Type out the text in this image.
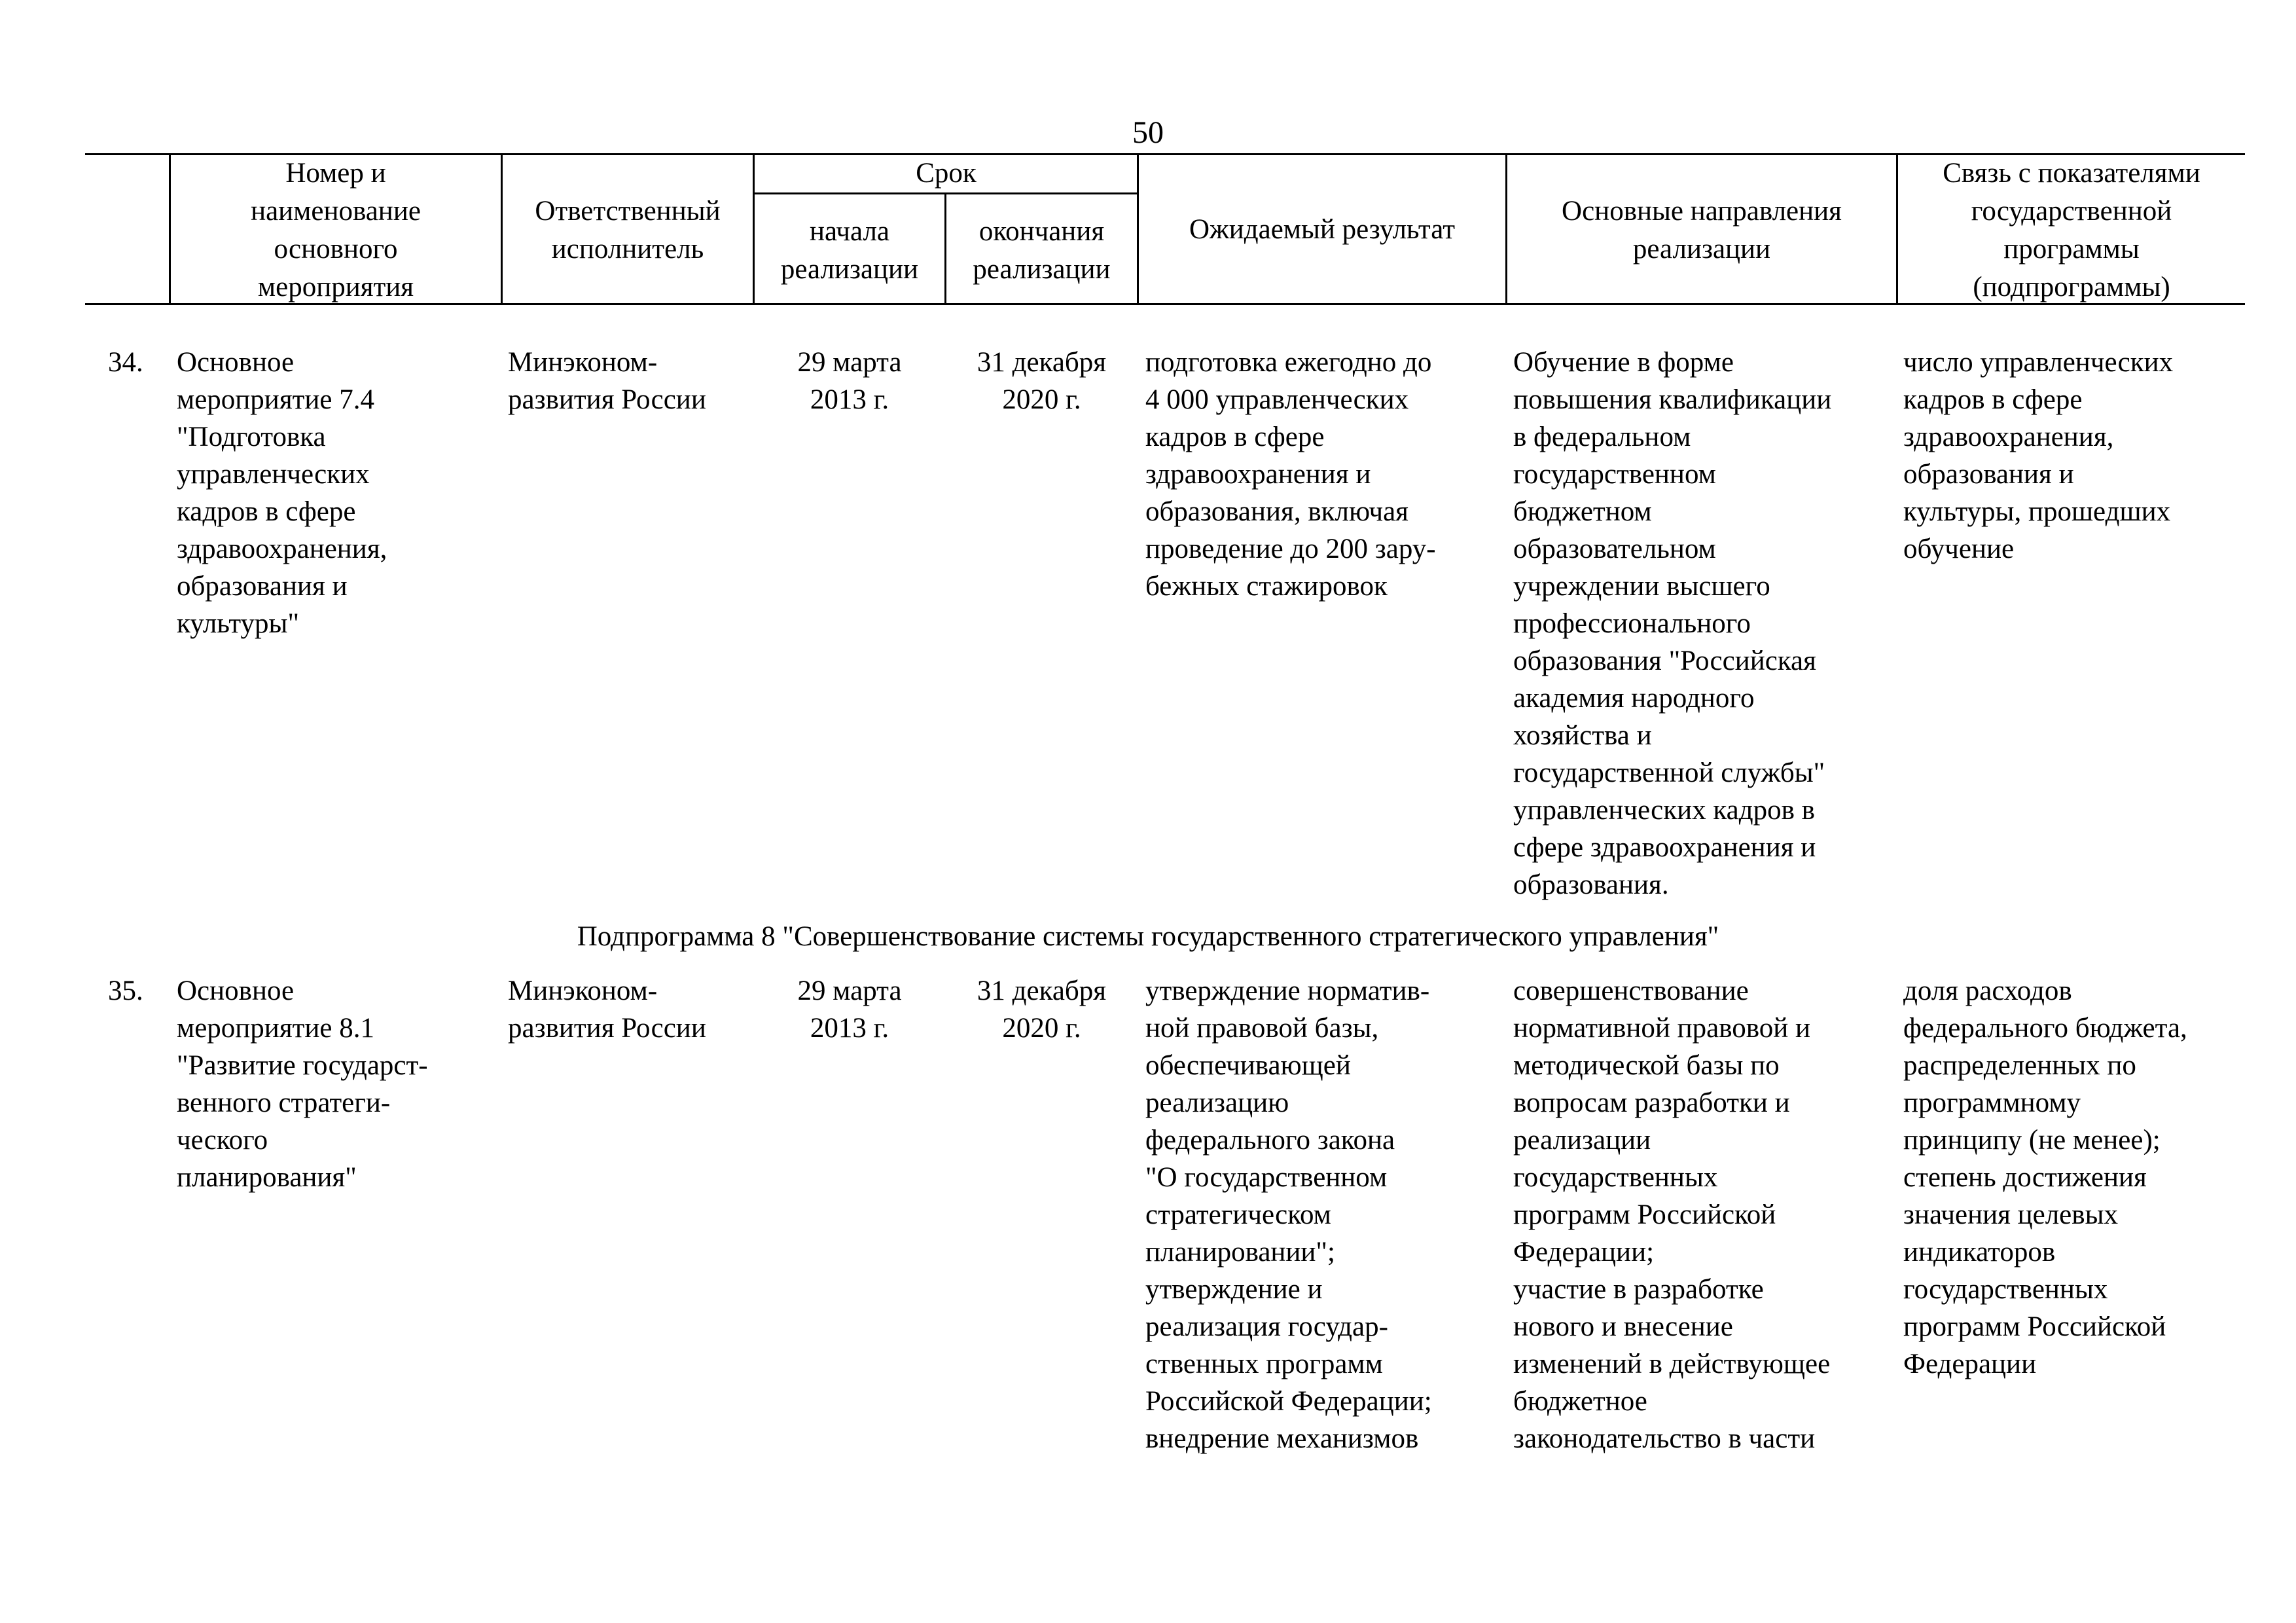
50
Номер и
наименование
основного
мероприятия
Ответственный
исполнитель
Срок
начала
реализации
окончания
реализации
Ожидаемый результат
Основные направления
реализации
Связь с показателями
государственной
программы
(подпрограммы)
34. Основное
мероприятие 7.4
"Подготовка
управленческих
кадров в сфере
здравоохранения,
образования и
культуры"
Минэконом-
развития России
29 марта
2013 г.
31 декабря
2020 г.
подготовка ежегодно до
4 000 управленческих
кадров в сфере
здравоохранения и
образования, включая
проведение до 200 зару-
бежных стажировок
Обучение в форме
повышения квалификации
в федеральном
государственном
бюджетном
образовательном
учреждении высшего
профессионального
образования "Российская
академия народного
хозяйства и
государственной службы"
управленческих кадров в
сфере здравоохранения и
образования.
число управленческих
кадров в сфере
здравоохранения,
образования и
культуры, прошедших
обучение
Подпрограмма 8 "Совершенствование системы государственного стратегического управления"
35. Основное
мероприятие 8.1
"Развитие государст-
венного стратеги-
ческого
планирования"
Минэконом-
развития России
29 марта
2013 г.
31 декабря
2020 г.
утверждение норматив-
ной правовой базы,
обеспечивающей
реализацию
федерального закона
"О государственном
стратегическом
планировании";
утверждение и
реализация государ-
ственных программ
Российской Федерации;
внедрение механизмов
совершенствование
нормативной правовой и
методической базы по
вопросам разработки и
реализации
государственных
программ Российской
Федерации;
участие в разработке
нового и внесение
изменений в действующее
бюджетное
законодательство в части
доля расходов
федерального бюджета,
распределенных по
программному
принципу (не менее);
степень достижения
значения целевых
индикаторов
государственных
программ Российской
Федерации
